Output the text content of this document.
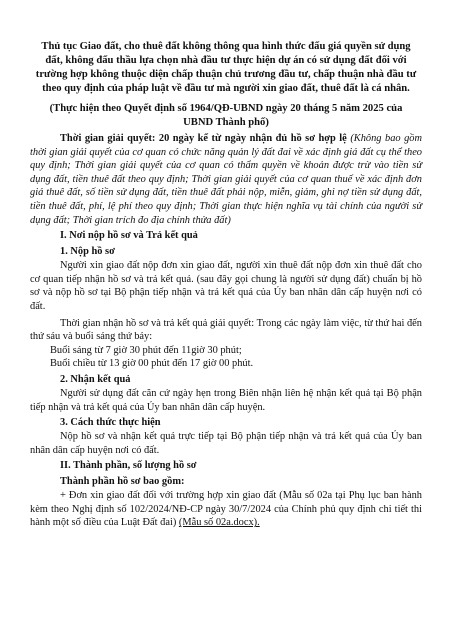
Thủ tục Giao đất, cho thuê đất không thông qua hình thức đấu giá quyền sử dụng đất, không đấu thầu lựa chọn nhà đầu tư thực hiện dự án có sử dụng đất đối với trường hợp không thuộc diện chấp thuận chủ trương đầu tư, chấp thuận nhà đầu tư theo quy định của pháp luật về đầu tư mà người xin giao đất, thuê đất là cá nhân.
(Thực hiện theo Quyết định số 1964/QĐ-UBND ngày 20 tháng 5 năm 2025 của UBND Thành phố)

Thời gian giải quyết: 20 ngày kể từ ngày nhận đủ hồ sơ hợp lệ (Không bao gồm thời gian giải quyết của cơ quan có chức năng quản lý đất đai về xác định giá đất cụ thể theo quy định; Thời gian giải quyết của cơ quan có thẩm quyền về khoản được trừ vào tiền sử dụng đất, tiền thuê đất theo quy định; Thời gian giải quyết của cơ quan thuế về xác định đơn giá thuê đất, số tiền sử dụng đất, tiền thuê đất phải nộp, miễn, giảm, ghi nợ tiền sử dụng đất, tiền thuê đất, phí, lệ phí theo quy định; Thời gian thực hiện nghĩa vụ tài chính của người sử dụng đất; Thời gian trích đo địa chính thửa đất)

I. Nơi nộp hồ sơ và Trả kết quả
1. Nộp hồ sơ

Người xin giao đất nộp đơn xin giao đất, người xin thuê đất nộp đơn xin thuê đất cho cơ quan tiếp nhận hồ sơ và trả kết quả. (sau đây gọi chung là người sử dụng đất) chuẩn bị hồ sơ và nộp hồ sơ tại Bộ phận tiếp nhận và trả kết quả của Ủy ban nhân dân cấp huyện nơi có đất.

Thời gian nhận hồ sơ và trả kết quả giải quyết: Trong các ngày làm việc, từ thứ hai đến thứ sáu và buổi sáng thứ bảy:

Buổi sáng từ 7 giờ 30 phút đến 11giờ 30 phút;
Buổi chiều từ 13 giờ 00 phút đến 17 giờ 00 phút.
2. Nhận kết quả

Người sử dụng đất căn cứ ngày hẹn trong Biên nhận liên hệ nhận kết quả tại Bộ phận tiếp nhận và trả kết quả của Ủy ban nhân dân cấp huyện.

3. Cách thức thực hiện

Nộp hồ sơ và nhận kết quả trực tiếp tại Bộ phận tiếp nhận và trả kết quả của Ủy ban nhân dân cấp huyện nơi có đất.

II. Thành phần, số lượng hồ sơ
Thành phần hồ sơ bao gồm:

+ Đơn xin giao đất đối với trường hợp xin giao đất (Mẫu số 02a tại Phụ lục ban hành kèm theo Nghị định số 102/2024/NĐ-CP ngày 30/7/2024 của Chính phủ quy định chi tiết thi hành một số điều của Luật Đất đai) (Mẫu số 02a.docx).
